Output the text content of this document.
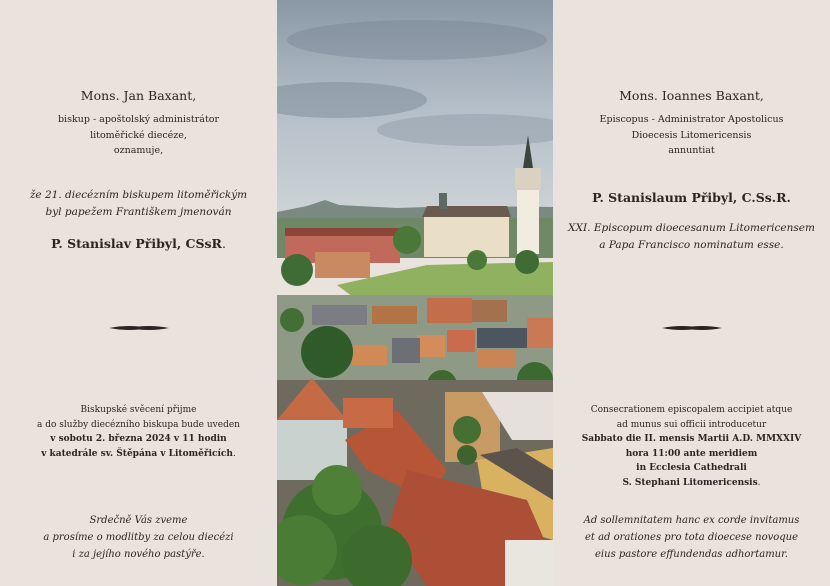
Mons. Jan Baxant,
biskup - apoštolský administrátor
litoměřické diecéze,
oznamuje,
že 21. diecézním biskupem litoměřickým
byl papežem Františkem jmenován
P. Stanislav Přibyl, CSsR.
Biskupské svěcení přijme
a do služby diecézního biskupa bude uveden
v sobotu 2. března 2024 v 11 hodin
v katedrále sv. Štěpána v Litoměřicích.
Srdečně Vás zveme
a prosíme o modlitby za celou diecézi
i za jejího nového pastýře.
Mons. Ioannes Baxant,
Episcopus - Administrator Apostolicus
Dioecesis Litomericensis
annuntiat
P. Stanislaum Přibyl, C.Ss.R.
XXI. Episcopum dioecesanum Litomericensem
a Papa Francisco nominatum esse.
Consecrationem episcopalem accipiet atque
ad munus sui officii introducetur
Sabbato die II. mensis Martii A.D. MMXXIV
hora 11:00 ante meridiem
in Ecclesia Cathedrali
S. Stephani Litomericensis.
Ad sollemnitatem hanc ex corde invitamus
et ad orationes pro tota dioecese novoque
eius pastore effundendas adhortamur.
